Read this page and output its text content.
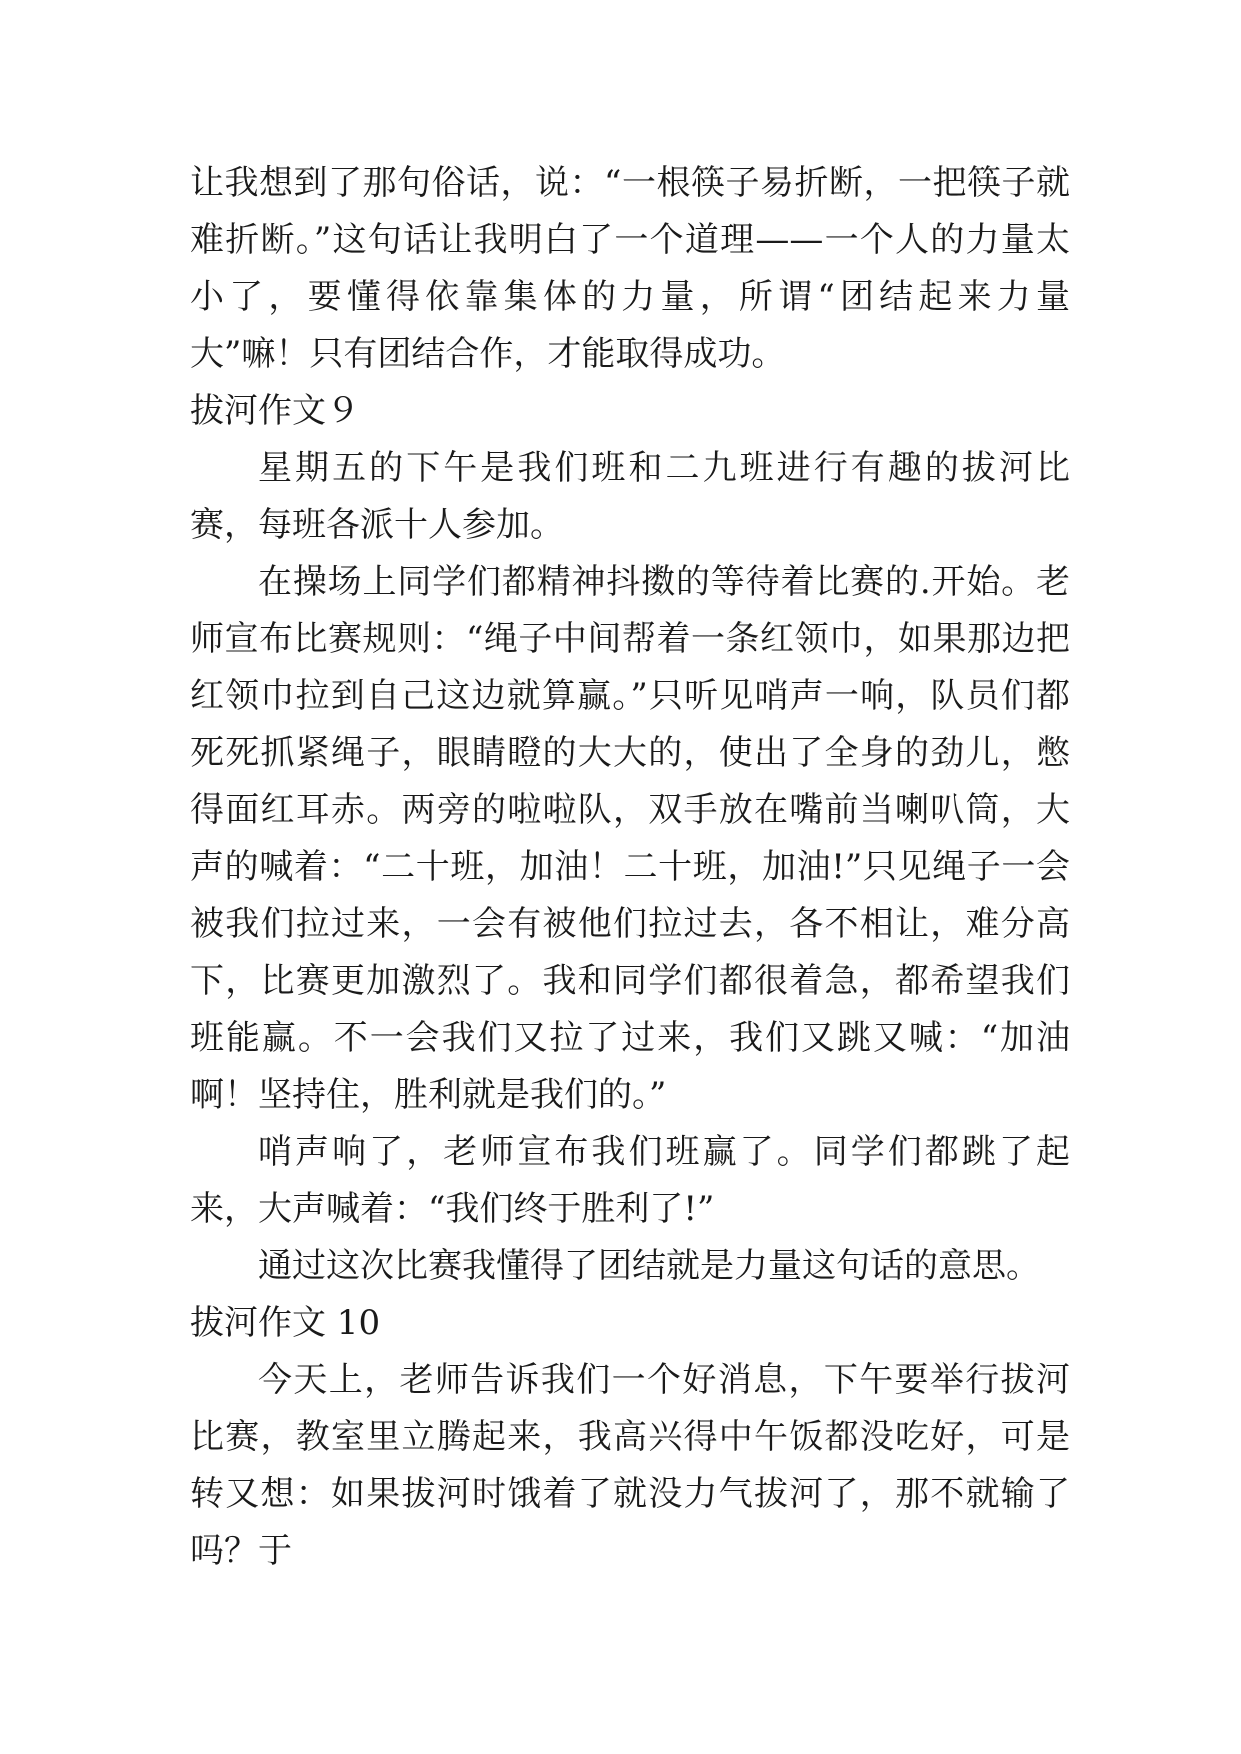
让我想到了那句俗话，说：“一根筷子易折断，一把筷子就难折断。”这句话让我明白了一个道理——一个人的力量太小了，要懂得依靠集体的力量，所谓“团结起来力量大”嘛！只有团结合作，才能取得成功。

拔河作文９

星期五的下午是我们班和二九班进行有趣的拔河比赛，每班各派十人参加。

在操场上同学们都精神抖擞的等待着比赛的.开始。老师宣布比赛规则：“绳子中间帮着一条红领巾，如果那边把红领巾拉到自己这边就算赢。”只听见哨声一响，队员们都死死抓紧绳子，眼睛瞪的大大的，使出了全身的劲儿，憋得面红耳赤。两旁的啦啦队，双手放在嘴前当喇叭筒，大声的喊着：“二十班，加油！二十班，加油!”只见绳子一会被我们拉过来，一会有被他们拉过去，各不相让，难分高下，比赛更加激烈了。我和同学们都很着急，都希望我们班能赢。不一会我们又拉了过来，我们又跳又喊：“加油啊！坚持住，胜利就是我们的。”

哨声响了，老师宣布我们班赢了。同学们都跳了起来，大声喊着：“我们终于胜利了!”

通过这次比赛我懂得了团结就是力量这句话的意思。

拔河作文 10

今天上，老师告诉我们一个好消息，下午要举行拔河比赛，教室里立腾起来，我高兴得中午饭都没吃好，可是转又想：如果拔河时饿着了就没力气拔河了，那不就输了吗？于
